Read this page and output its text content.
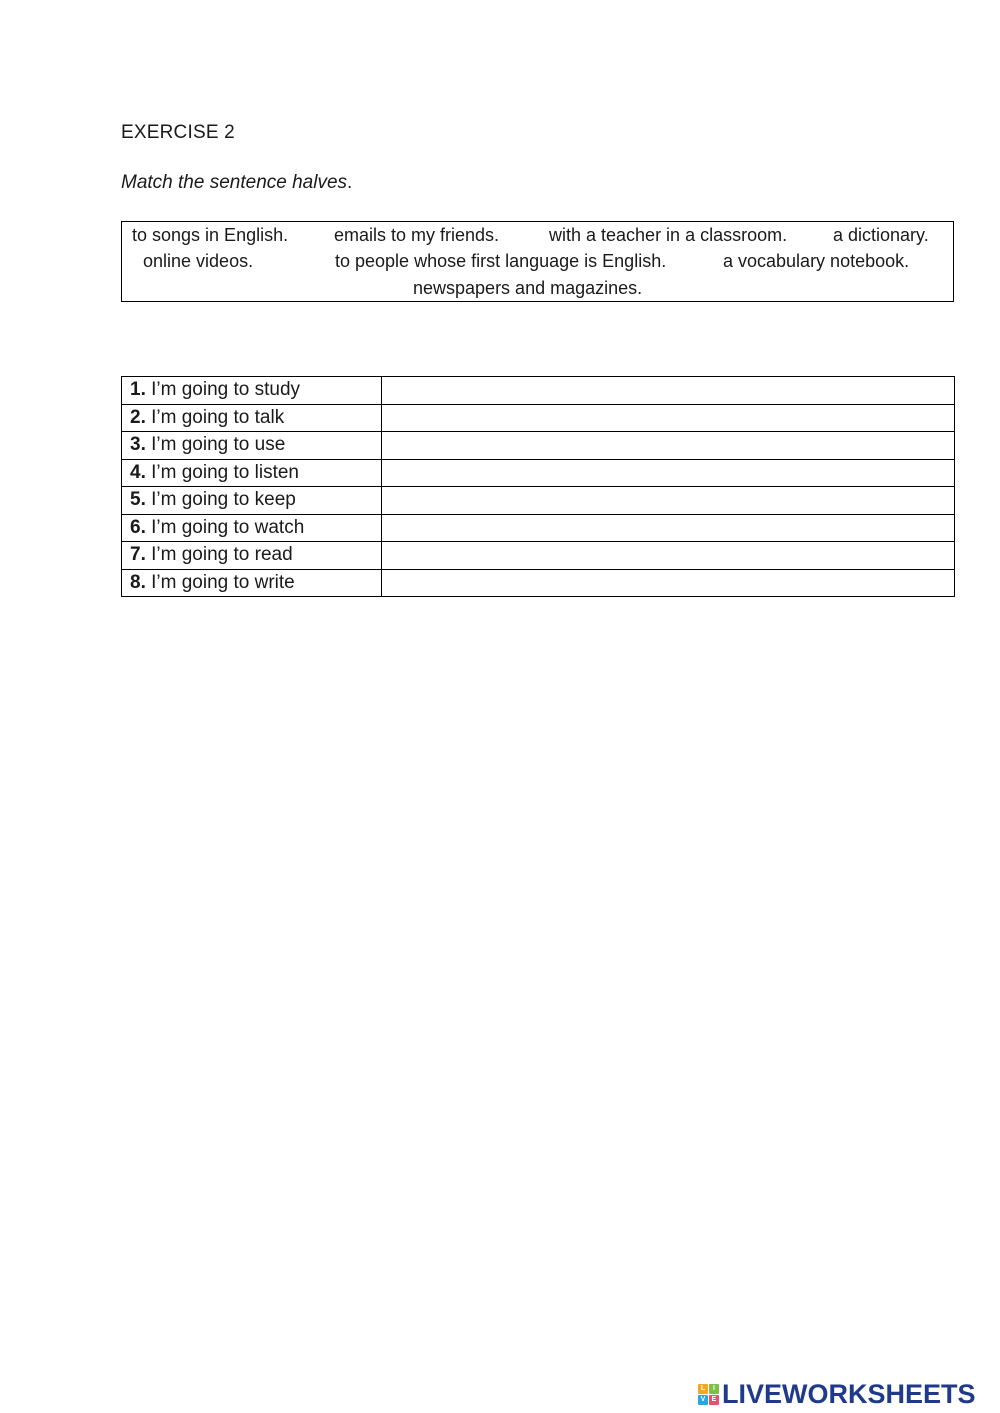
EXERCISE 2
Match the sentence halves.
to songs in English.	emails to my friends.	with a teacher in a classroom.	a dictionary.
online videos.	to people whose first language is English.	a vocabulary notebook.
newspapers and magazines.
1. I’m going to study	
2. I’m going to talk	
3. I’m going to use	
4. I’m going to listen	
5. I’m going to keep	
6. I’m going to watch	
7. I’m going to read	
8. I’m going to write	
L	I
V E LIVEWORKSHEETS
